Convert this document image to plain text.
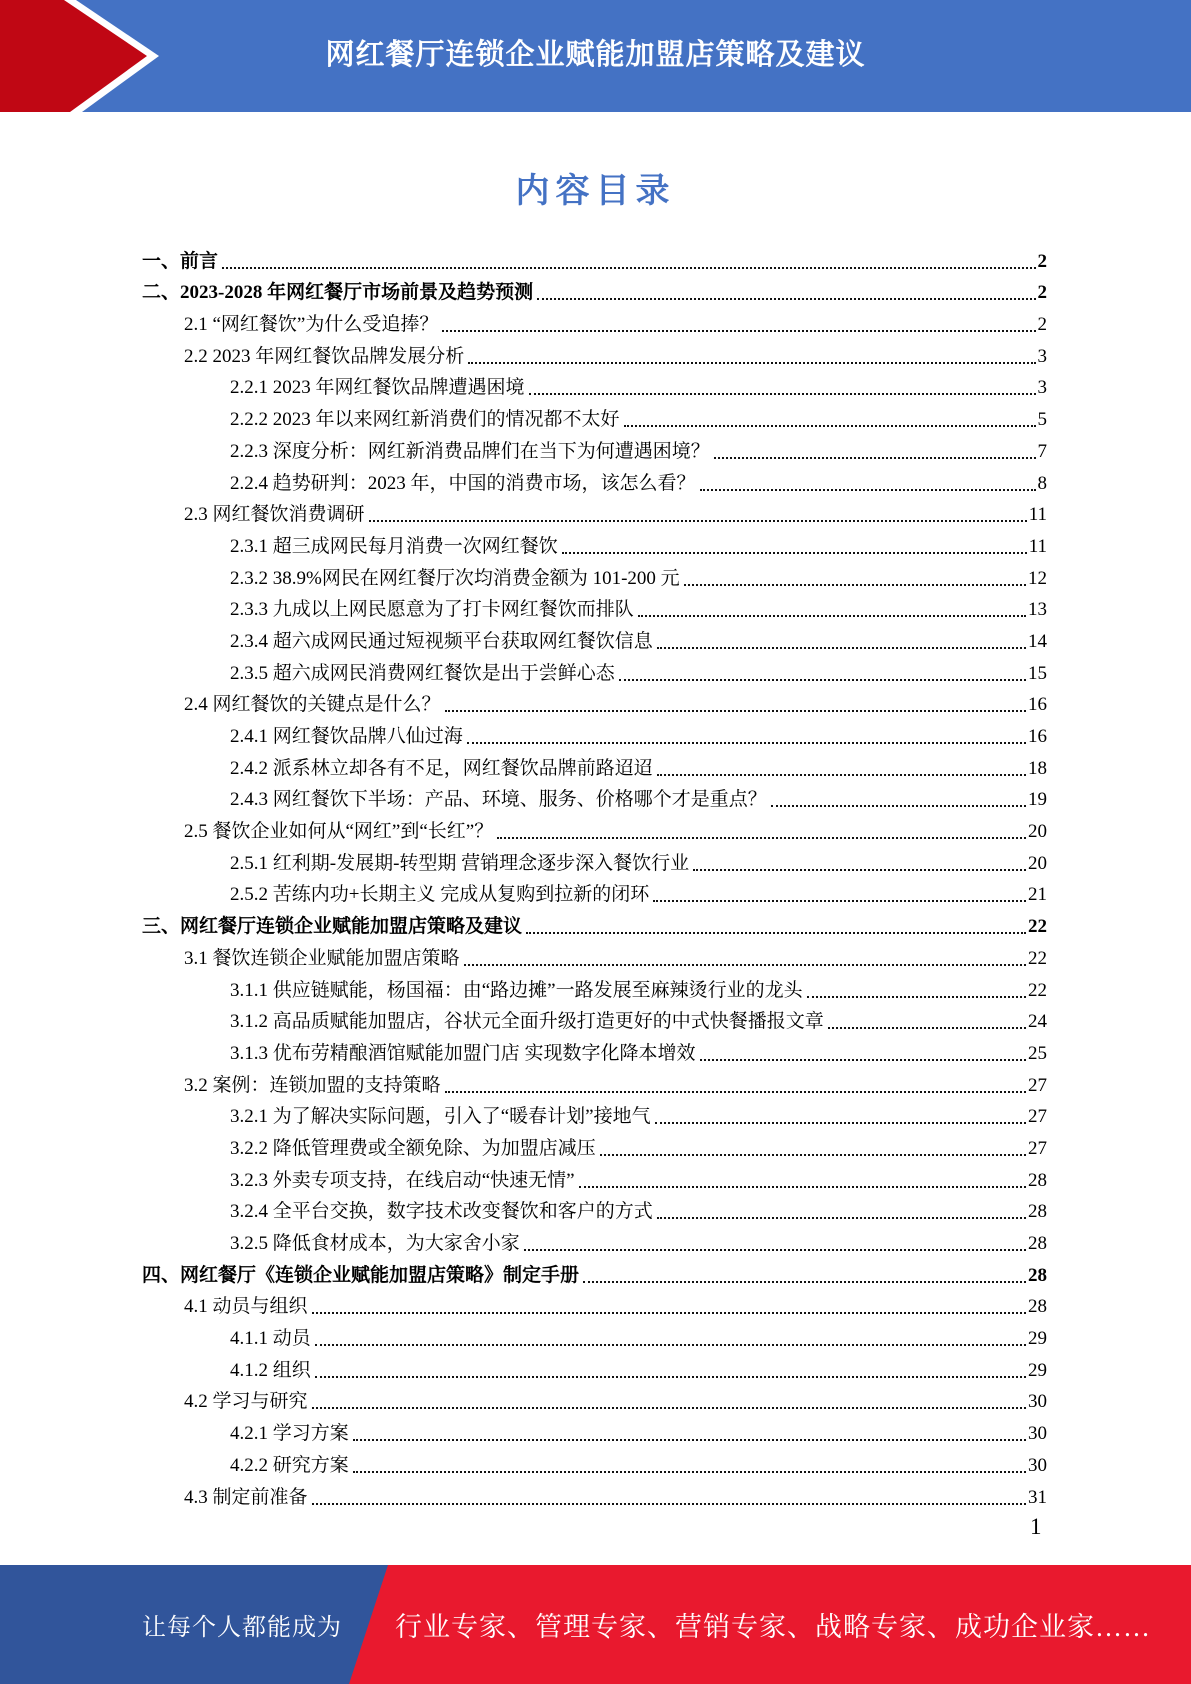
网红餐厅连锁企业赋能加盟店策略及建议
内容目录
一、前言	2
二、2023-2028 年网红餐厅市场前景及趋势预测	2
2.1 “网红餐饮”为什么受追捧？	2
2.2 2023 年网红餐饮品牌发展分析	3
2.2.1 2023 年网红餐饮品牌遭遇困境	3
2.2.2 2023 年以来网红新消费们的情况都不太好	5
2.2.3 深度分析：网红新消费品牌们在当下为何遭遇困境？	7
2.2.4 趋势研判：2023 年，中国的消费市场，该怎么看？	8
2.3 网红餐饮消费调研	11
2.3.1 超三成网民每月消费一次网红餐饮	11
2.3.2 38.9%网民在网红餐厅次均消费金额为 101-200 元	12
2.3.3 九成以上网民愿意为了打卡网红餐饮而排队	13
2.3.4 超六成网民通过短视频平台获取网红餐饮信息	14
2.3.5 超六成网民消费网红餐饮是出于尝鲜心态	15
2.4 网红餐饮的关键点是什么？	16
2.4.1 网红餐饮品牌八仙过海	16
2.4.2 派系林立却各有不足，网红餐饮品牌前路迢迢	18
2.4.3 网红餐饮下半场：产品、环境、服务、价格哪个才是重点？	19
2.5 餐饮企业如何从“网红”到“长红”？	20
2.5.1 红利期-发展期-转型期 营销理念逐步深入餐饮行业	20
2.5.2 苦练内功+长期主义 完成从复购到拉新的闭环	21
三、网红餐厅连锁企业赋能加盟店策略及建议	22
3.1 餐饮连锁企业赋能加盟店策略	22
3.1.1 供应链赋能，杨国福：由“路边摊”一路发展至麻辣烫行业的龙头	22
3.1.2 高品质赋能加盟店，谷状元全面升级打造更好的中式快餐播报文章	24
3.1.3 优布劳精酿酒馆赋能加盟门店 实现数字化降本增效	25
3.2 案例：连锁加盟的支持策略	27
3.2.1 为了解决实际问题，引入了“暖春计划”接地气	27
3.2.2 降低管理费或全额免除、为加盟店减压	27
3.2.3 外卖专项支持，在线启动“快速无情”	28
3.2.4 全平台交换，数字技术改变餐饮和客户的方式	28
3.2.5 降低食材成本，为大家舍小家	28
四、网红餐厅《连锁企业赋能加盟店策略》制定手册	28
4.1 动员与组织	28
4.1.1 动员	29
4.1.2 组织	29
4.2 学习与研究	30
4.2.1 学习方案	30
4.2.2 研究方案	30
4.3 制定前准备	31
1
让每个人都能成为 行业专家、管理专家、营销专家、战略专家、成功企业家……
